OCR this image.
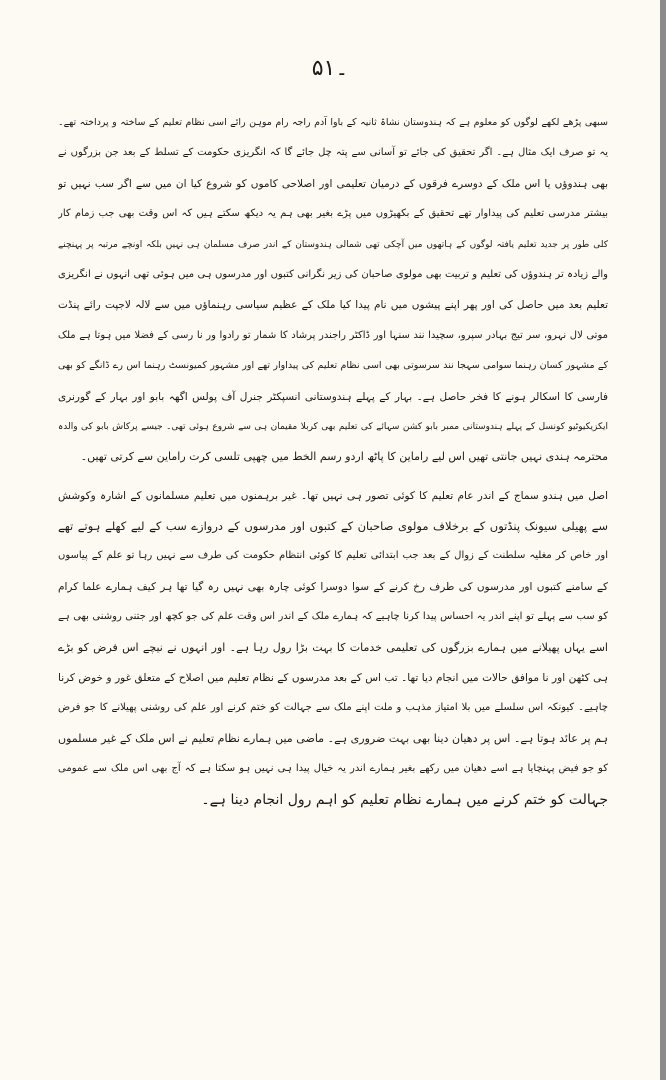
۵۱۔
سبھی پڑھے لکھے لوگوں کو معلوم ہے کہ ہندوستان نشاۃ ثانیہ کے باوا آدم راجہ رام موہن رائے اسی نظام تعلیم کے ساختہ و پرداختہ تھے۔
یہ تو صرف ایک مثال ہے۔ اگر تحقیق کی جائے تو آسانی سے پتہ چل جائے گا کہ انگریزی حکومت کے تسلط کے بعد جن بزرگوں نے
بھی ہندوؤں یا اس ملک کے دوسرے فرقوں کے درمیان تعلیمی اور اصلاحی کاموں کو شروع کیا ان میں سے اگر سب نہیں تو
بیشتر مدرسی تعلیم کی پیداوار تھے تحقیق کے بکھیڑوں میں پڑے بغیر بھی ہم یہ دیکھ سکتے ہیں کہ اس وقت بھی جب زمام کار
کلی طور پر جدید تعلیم یافتہ لوگوں کے ہاتھوں میں آچکی تھی شمالی ہندوستان کے اندر صرف مسلمان ہی نہیں بلکہ اونچے مرتبہ پر پہنچنے
والے زیادہ تر ہندوؤں کی تعلیم و تربیت بھی مولوی صاحبان کی زیر نگرانی کتبوں اور مدرسوں ہی میں ہوئی تھی انہوں نے انگریزی
تعلیم بعد میں حاصل کی اور پھر اپنے پیشوں میں نام پیدا کیا ملک کے عظیم سیاسی رہنماؤں میں سے لالہ لاجپت رائے پنڈت
موتی لال نہرو، سر تیج بہادر سپرو، سچیدا نند سنہا اور ڈاکٹر راجندر پرشاد کا شمار تو رادوا ور نا رسی کے فضلا میں ہوتا ہے ملک
کے مشہور کسان رہنما سوامی سہجا نند سرسوتی بھی اسی نظام تعلیم کی پیداوار تھے اور مشہور کمیونسٹ رہنما اس رے ڈانگے کو بھی
فارسی کا اسکالر ہونے کا فخر حاصل ہے۔ بہار کے پہلے ہندوستانی انسپکٹر جنرل آف پولس اگھہ بابو اور بہار کے گورنری
ایکزیکیوٹیو کونسل کے پہلے ہندوستانی ممبر بابو کشن سہائے کی تعلیم بھی کربلا مقیمان ہی سے شروع ہوئی تھی۔ جیسے پرکاش بابو کی والدہ
محترمہ ہندی نہیں جانتی تھیں اس لیے راماین کا پاٹھ اردو رسم الخط میں چھپی تلسی کرت راماین سے کرتی تھیں۔
اصل میں ہندو سماج کے اندر عام تعلیم کا کوئی تصور ہی نہیں تھا۔ غیر برہمنوں میں تعلیم مسلمانوں کے اشارہ وکوشش
سے پھیلی سیونک پنڈتوں کے برخلاف مولوی صاحبان کے کتبوں اور مدرسوں کے دروازے سب کے لیے کھلے ہوتے تھے
اور خاص کر مغلیہ سلطنت کے زوال کے بعد جب ابتدائی تعلیم کا کوئی انتظام حکومت کی طرف سے نہیں رہا تو علم کے پیاسوں
کے سامنے کتبوں اور مدرسوں کی طرف رخ کرنے کے سوا دوسرا کوئی چارہ بھی نہیں رہ گیا تھا ہر کیف ہمارے علما کرام
کو سب سے پہلے تو اپنے اندر یہ احساس پیدا کرنا چاہیے کہ ہمارے ملک کے اندر اس وقت علم کی جو کچھ اور جتنی روشنی بھی ہے
اسے یہاں پھیلانے میں ہمارے بزرگوں کی تعلیمی خدمات کا بہت بڑا رول رہا ہے۔ اور انہوں نے نیچے اس فرض کو بڑے
ہی کٹھن اور نا موافق حالات میں انجام دیا تھا۔ تب اس کے بعد مدرسوں کے نظام تعلیم میں اصلاح کے متعلق غور و خوض کرنا
چاہیے۔ کیونکہ اس سلسلے میں بلا امتیاز مذہب و ملت اپنے ملک سے جہالت کو ختم کرنے اور علم کی روشنی پھیلانے کا جو فرض
ہم پر عائد ہوتا ہے۔ اس پر دھیان دینا بھی بہت ضروری ہے۔ ماضی میں ہمارے نظام تعلیم نے اس ملک کے غیر مسلموں
کو جو فیض پہنچایا ہے اسے دھیان میں رکھے بغیر ہمارے اندر یہ خیال پیدا ہی نہیں ہو سکتا ہے کہ آج بھی اس ملک سے عمومی
جہالت کو ختم کرنے میں ہمارے نظام تعلیم کو اہم رول انجام دینا ہے۔
